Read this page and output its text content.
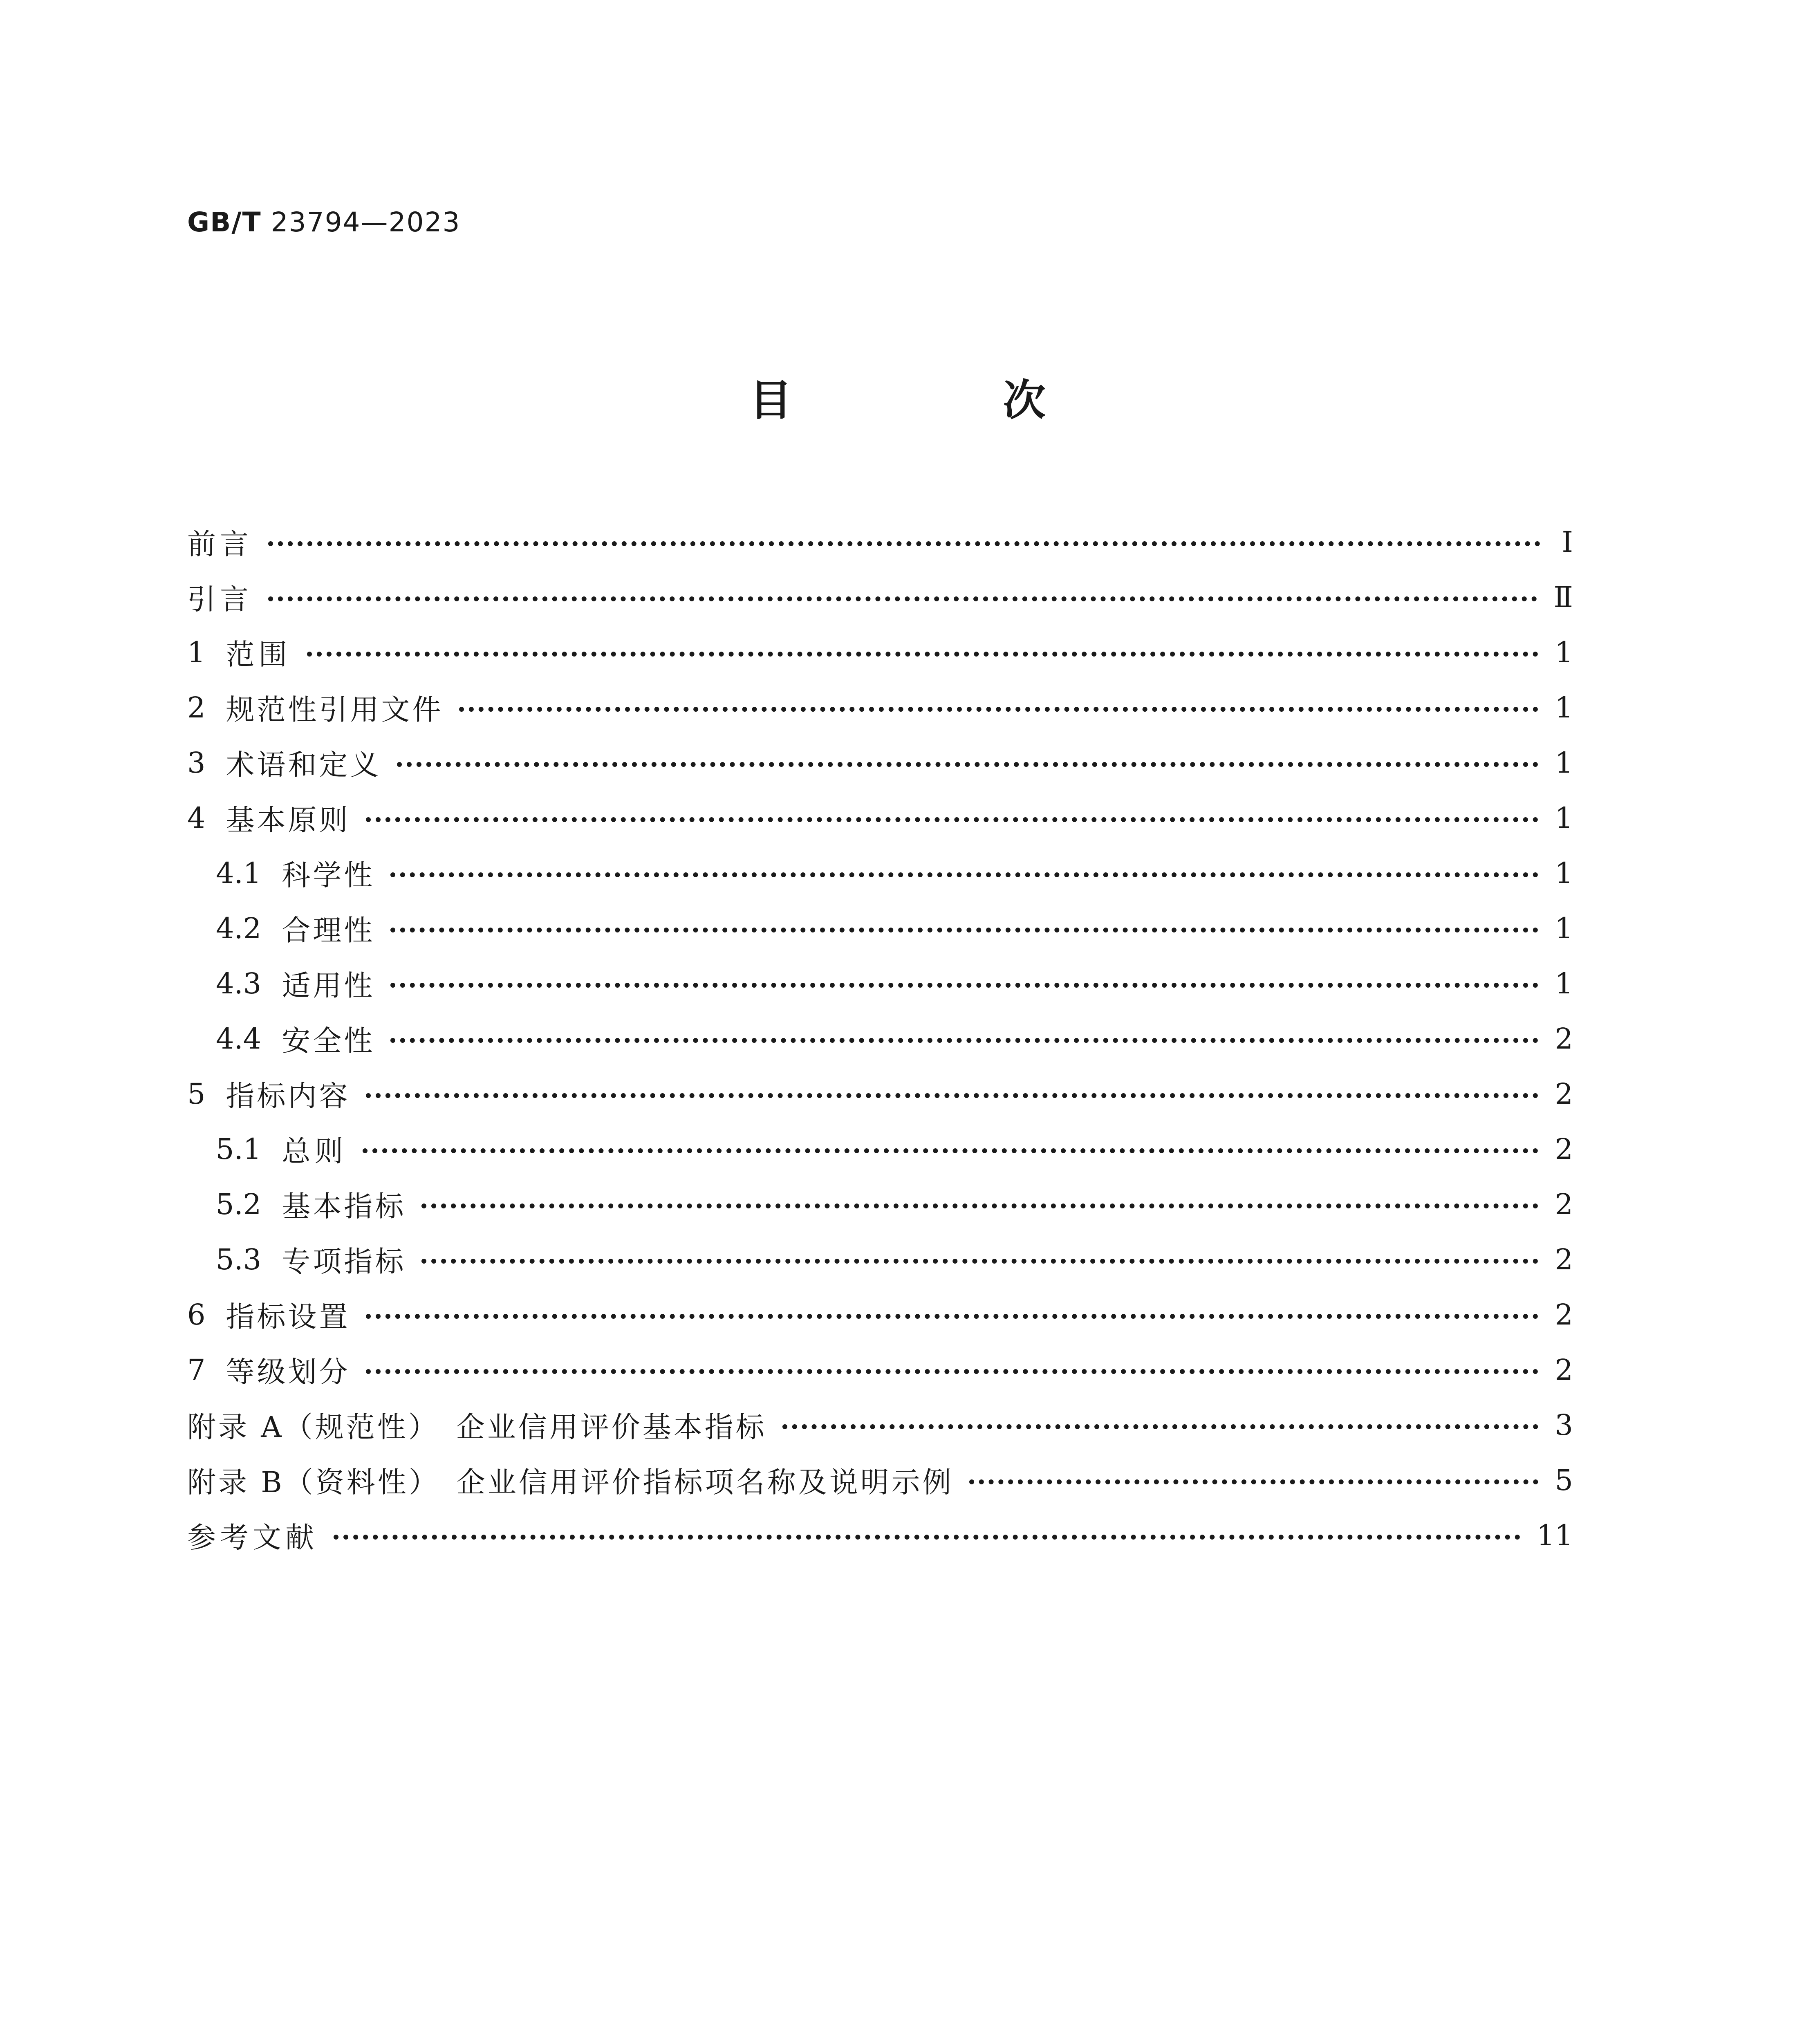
GB/T 23794—2023
目 次
前言	Ⅰ
引言	Ⅱ
1 范围	1
2 规范性引用文件	1
3 术语和定义	1
4 基本原则	1
4.1 科学性	1
4.2 合理性	1
4.3 适用性	1
4.4 安全性	2
5 指标内容	2
5.1 总则	2
5.2 基本指标	2
5.3 专项指标	2
6 指标设置	2
7 等级划分	2
附录 A（规范性）　企业信用评价基本指标	3
附录 B（资料性）　企业信用评价指标项名称及说明示例	5
参考文献	11
